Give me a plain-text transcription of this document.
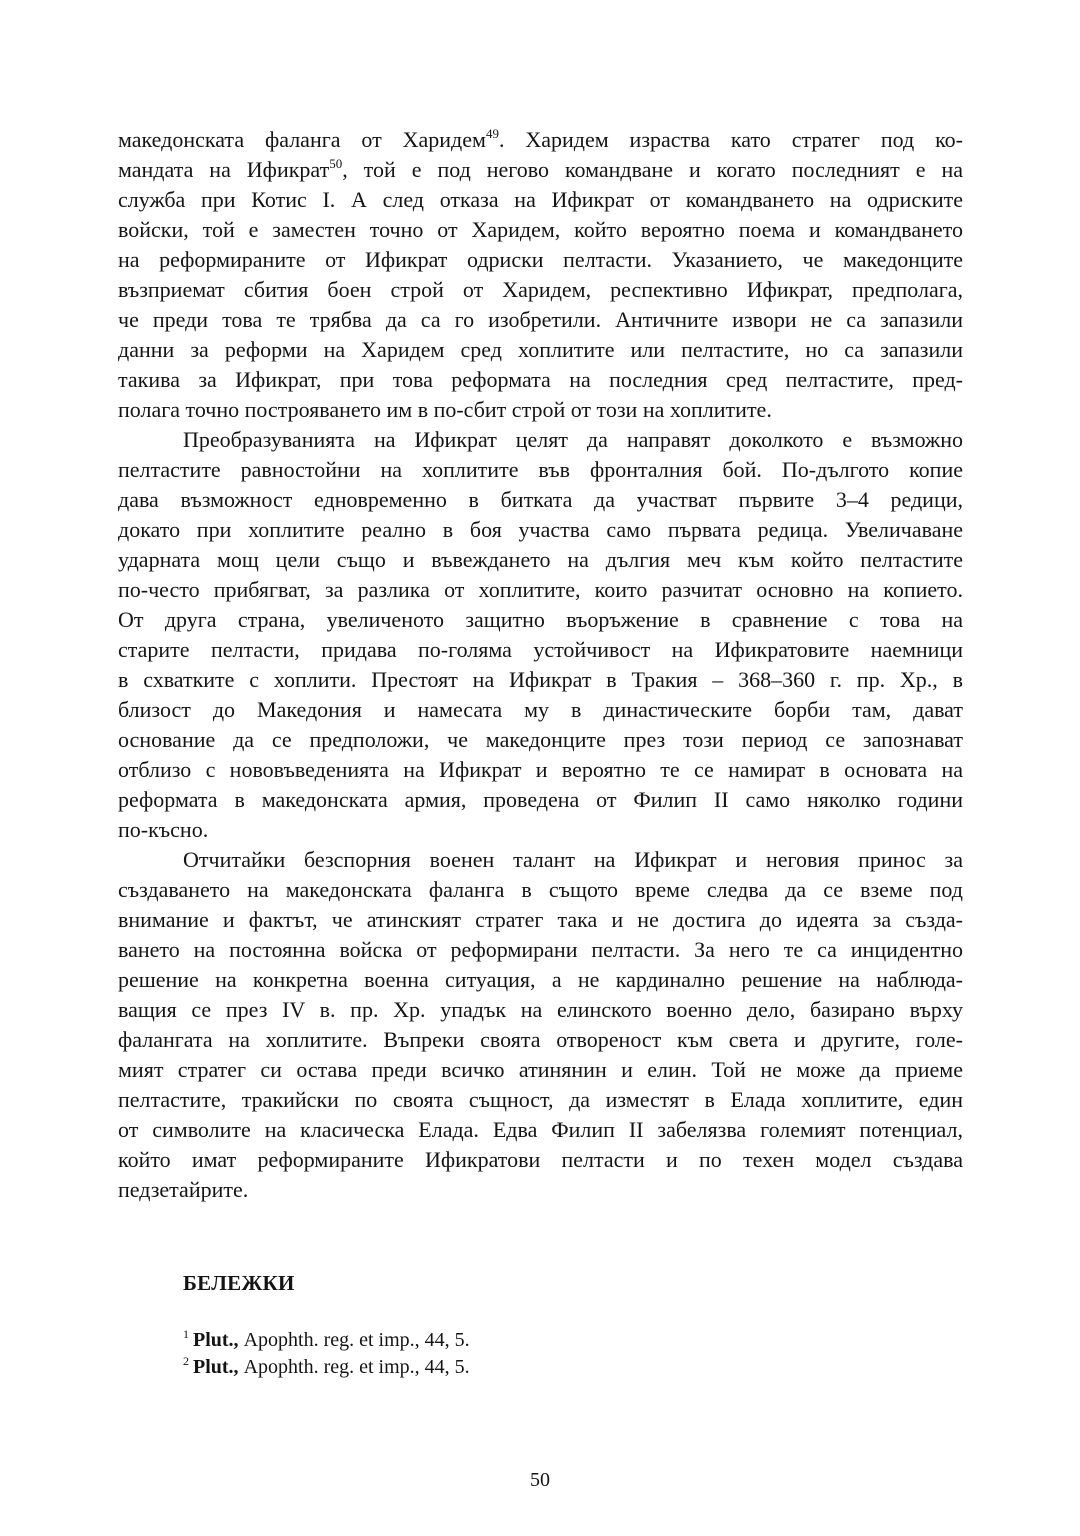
македонската фаланга от Харидем$^{49}$. Харидем израства като стратег под ко-
мандата на Ификрат$^{50}$, той е под негово командване и когато последният е на
служба при Котис I. А след отказа на Ификрат от командването на одриските
войски, той е заместен точно от Харидем, който вероятно поема и командването
на реформираните от Ификрат одриски пелтасти. Указанието, че македонците
възприемат сбития боен строй от Харидем, респективно Ификрат, предполага,
че преди това те трябва да са го изобретили. Античните извори не са запазили
данни за реформи на Харидем сред хоплитите или пелтастите, но са запазили
такива за Ификрат, при това реформата на последния сред пелтастите, пред-
полага точно построяването им в по-сбит строй от този на хоплитите.
Преобразуванията на Ификрат целят да направят доколкото е възможно
пелтастите равностойни на хоплитите във фронталния бой. По-дългото копие
дава възможност едновременно в битката да участват първите 3–4 редици,
докато при хоплитите реално в боя участва само първата редица. Увеличаване
ударната мощ цели също и въвеждането на дългия меч към който пелтастите
по-често прибягват, за разлика от хоплитите, които разчитат основно на копието.
От друга страна, увеличеното защитно въоръжение в сравнение с това на
старите пелтасти, придава по-голяма устойчивост на Ификратовите наемници
в схватките с хоплити. Престоят на Ификрат в Тракия – 368–360 г. пр. Хр., в
близост до Македония и намесата му в династическите борби там, дават
основание да се предположи, че македонците през този период се запознават
отблизо с нововъведенията на Ификрат и вероятно те се намират в основата на
реформата в македонската армия, проведена от Филип II само няколко години
по-късно.
Отчитайки безспорния военен талант на Ификрат и неговия принос за
създаването на македонската фаланга в същото време следва да се вземе под
внимание и фактът, че атинският стратег така и не достига до идеята за създа-
ването на постоянна войска от реформирани пелтасти. За него те са инцидентно
решение на конкретна военна ситуация, а не кардинално решение на наблюда-
ващия се през IV в. пр. Хр. упадък на елинското военно дело, базирано върху
фалангата на хоплитите. Въпреки своята отвореност към света и другите, голе-
мият стратег си остава преди всичко атинянин и елин. Той не може да приеме
пелтастите, тракийски по своята същност, да изместят в Елада хоплитите, един
от символите на класическа Елада. Едва Филип II забелязва големият потенциал,
който имат реформираните Ификратови пелтасти и по техен модел създава
педзетайрите.
БЕЛЕЖКИ
$^1$ Plut., Apophth. reg. et imp., 44, 5.
$^2$ Plut., Apophth. reg. et imp., 44, 5.
50
